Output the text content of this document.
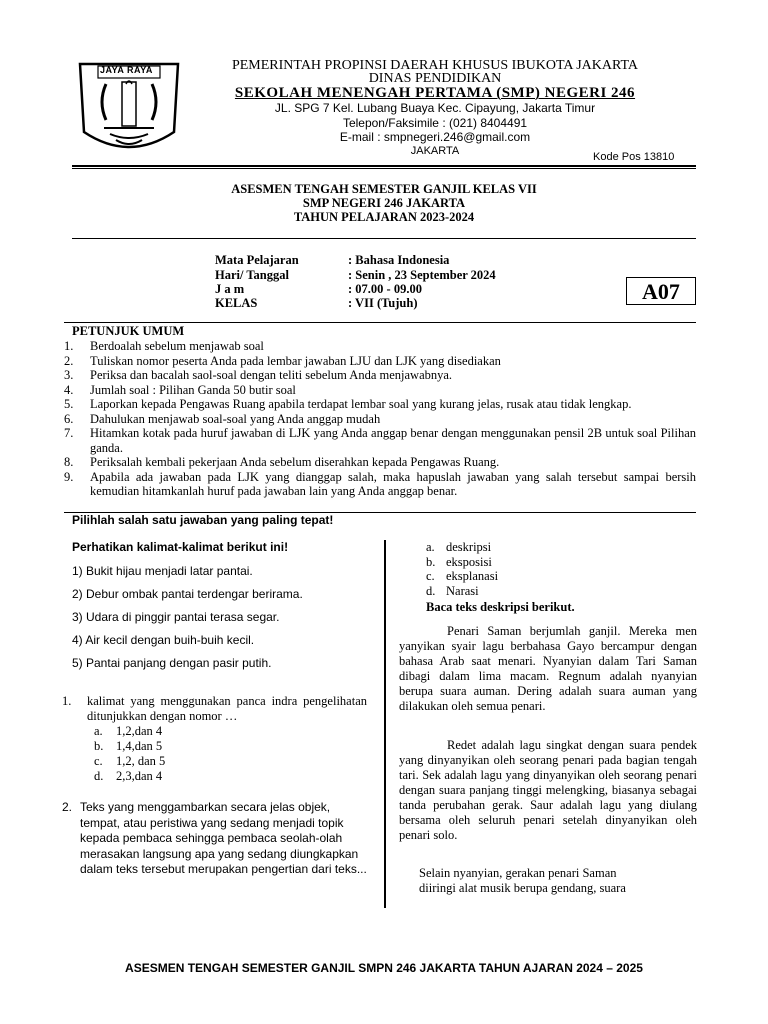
JAYA RAYA	PEMERINTAH PROPINSI DAERAH KHUSUS IBUKOTA JAKARTA
DINAS PENDIDIKAN
SEKOLAH MENENGAH PERTAMA (SMP) NEGERI 246
JL. SPG 7 Kel. Lubang Buaya Kec. Cipayung, Jakarta Timur
Telepon/Faksimile : (021) 8404491
E-mail : smpnegeri.246@gmail.com
JAKARTA	Kode Pos 13810
ASESMEN TENGAH SEMESTER GANJIL KELAS VII
SMP NEGERI 246 JAKARTA
TAHUN PELAJARAN 2023-2024
Mata Pelajaran	: Bahasa Indonesia
Hari/ Tanggal	: Senin , 23 September 2024
J a m	: 07.00 - 09.00
KELAS	: VII (Tujuh)	A07
PETUNJUK UMUM
1. Berdoalah sebelum menjawab soal
2. Tuliskan nomor peserta Anda pada lembar jawaban LJU dan LJK yang disediakan
3. Periksa dan bacalah saol-soal dengan teliti sebelum Anda menjawabnya.
4. Jumlah soal : Pilihan Ganda 50 butir soal
5. Laporkan kepada Pengawas Ruang apabila terdapat lembar soal yang kurang jelas, rusak atau tidak lengkap.
6. Dahulukan menjawab soal-soal yang Anda anggap mudah
7. Hitamkan kotak pada huruf jawaban di LJK yang Anda anggap benar dengan menggunakan pensil 2B untuk soal Pilihan ganda.
8. Periksalah kembali pekerjaan Anda sebelum diserahkan kepada Pengawas Ruang.
9. Apabila ada jawaban pada LJK yang dianggap salah, maka hapuslah jawaban yang salah tersebut sampai bersih kemudian hitamkanlah huruf pada jawaban lain yang Anda anggap benar.
Pilihlah salah satu jawaban yang paling tepat!
Perhatikan kalimat-kalimat berikut ini!
1) Bukit hijau menjadi latar pantai.
2) Debur ombak pantai terdengar berirama.
3) Udara di pinggir pantai terasa segar.
4) Air kecil dengan buih-buih kecil.
5) Pantai panjang dengan pasir putih.
1.	kalimat yang menggunakan panca indra pengelihatan ditunjukkan dengan nomor …
a. 1,2,dan 4
b. 1,4,dan 5
c. 1,2, dan 5
d. 2,3,dan 4
2. Teks yang menggambarkan secara jelas objek, tempat, atau peristiwa yang sedang menjadi topik kepada pembaca sehingga pembaca seolah-olah merasakan langsung apa yang sedang diungkapkan dalam teks tersebut merupakan pengertian dari teks...
a. deskripsi
b. eksposisi
c. eksplanasi
d. Narasi
Baca teks deskripsi berikut.
Penari Saman berjumlah ganjil. Mereka men yanyikan syair lagu berbahasa Gayo bercampur dengan bahasa Arab saat menari. Nyanyian dalam Tari Saman dibagi dalam lima macam. Regnum adalah nyanyian berupa suara auman. Dering adalah suara auman yang dilakukan oleh semua penari.
Redet adalah lagu singkat dengan suara pendek yang dinyanyikan oleh seorang penari pada bagian tengah tari. Sek adalah lagu yang dinyanyikan oleh seorang penari dengan suara panjang tinggi melengking, biasanya sebagai tanda perubahan gerak. Saur adalah lagu yang diulang bersama oleh seluruh penari setelah dinyanyikan oleh penari solo.
Selain nyanyian, gerakan penari Saman
diiringi alat musik berupa gendang, suara
ASESMEN TENGAH SEMESTER GANJIL SMPN 246 JAKARTA TAHUN AJARAN 2024 – 2025
